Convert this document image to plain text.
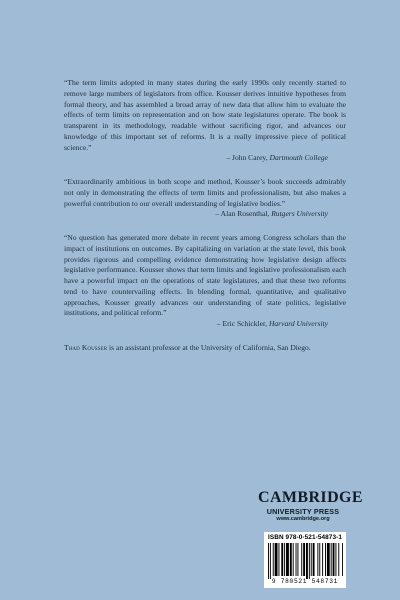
“The term limits adopted in many states during the early 1990s only recently started to remove large numbers of legislators from office. Kousser derives intuitive hypotheses from formal theory, and has assembled a broad array of new data that allow him to evaluate the effects of term limits on representation and on how state legislatures operate. The book is transparent in its methodology, readable without sacrificing rigor, and advances our knowledge of this important set of reforms. It is a really impressive piece of political science.”
– John Carey, Dartmouth College
“Extraordinarily ambitious in both scope and method, Kousser’s book succeeds admirably not only in demonstrating the effects of term limits and professionalism, but also makes a powerful contribution to our overall understanding of legislative bodies.”
– Alan Rosenthal, Rutgers University
“No question has generated more debate in recent years among Congress scholars than the impact of institutions on outcomes. By capitalizing on variation at the state level, this book provides rigorous and compelling evidence demonstrating how legislative design affects legislative performance. Kousser shows that term limits and legislative professionalism each have a powerful impact on the operations of state legislatures, and that these two reforms tend to have countervailing effects. In blending formal, quantitative, and qualitative approaches, Kousser greatly advances our understanding of state politics, legislative institutions, and political reform.”
– Eric Schickler, Harvard University
Thad Kousser is an assistant professor at the University of California, San Diego.
CAMBRIDGE
UNIVERSITY PRESS
www.cambridge.org
ISBN 978-0-521-54873-1
9 780521 548731
